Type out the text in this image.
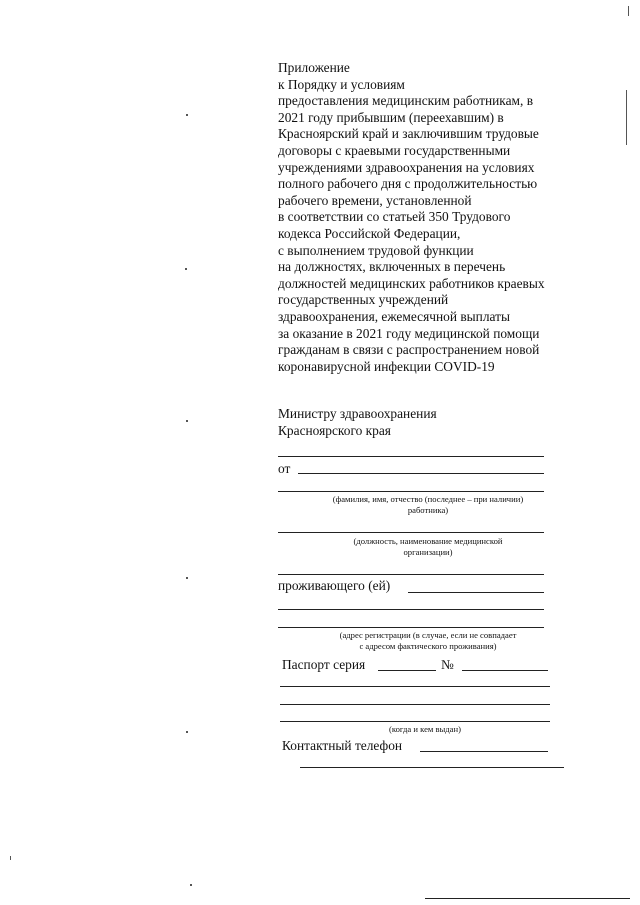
Приложение
к Порядку и условиям
предоставления медицинским работникам, в
2021 году прибывшим (переехавшим) в
Красноярский край и заключившим трудовые
договоры с краевыми государственными
учреждениями здравоохранения на условиях
полного рабочего дня с продолжительностью
рабочего времени, установленной
в соответствии со статьей 350 Трудового
кодекса Российской Федерации,
с выполнением трудовой функции
на должностях, включенных в перечень
должностей медицинских работников краевых
государственных учреждений
здравоохранения, ежемесячной выплаты
за оказание в 2021 году медицинской помощи
гражданам в связи с распространением новой
коронавирусной инфекции COVID-19
Министру здравоохранения
Красноярского края
от
(фамилия, имя, отчество (последнее – при наличии)
работника)
(должность, наименование медицинской
организации)
проживающего (ей)
(адрес регистрации (в случае, если не совпадает
с адресом фактического проживания)
Паспорт серия	№
(когда и кем выдан)
Контактный телефон
